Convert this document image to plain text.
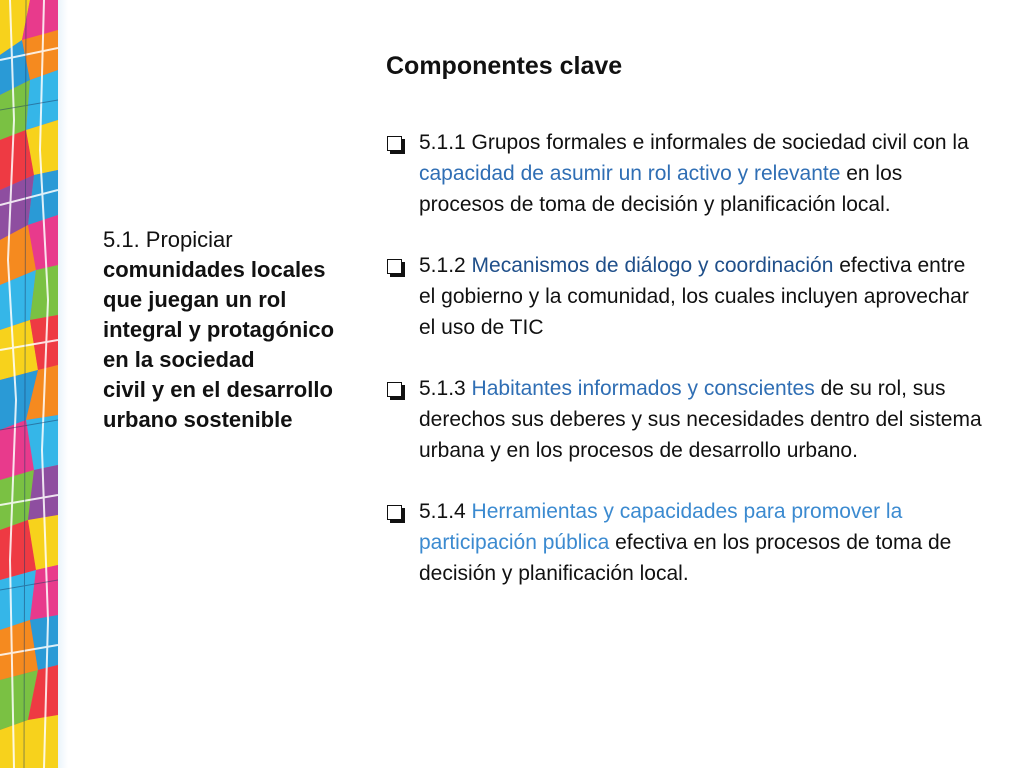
5.1. Propiciar comunidades locales que juegan un rol integral y protagónico en la sociedad
civil y en el desarrollo urbano sostenible
Componentes clave
5.1.1 Grupos formales e informales de sociedad civil con la capacidad de asumir un rol activo y relevante en los procesos de toma de decisión y planificación local.
5.1.2 Mecanismos de diálogo y coordinación efectiva entre el gobierno y la comunidad, los cuales incluyen aprovechar el uso de TIC
5.1.3 Habitantes informados y conscientes de su rol, sus derechos sus deberes y sus necesidades dentro del sistema urbana y en los procesos de desarrollo urbano.
5.1.4 Herramientas y capacidades para promover la participación pública efectiva en los procesos de toma de decisión y planificación local.
